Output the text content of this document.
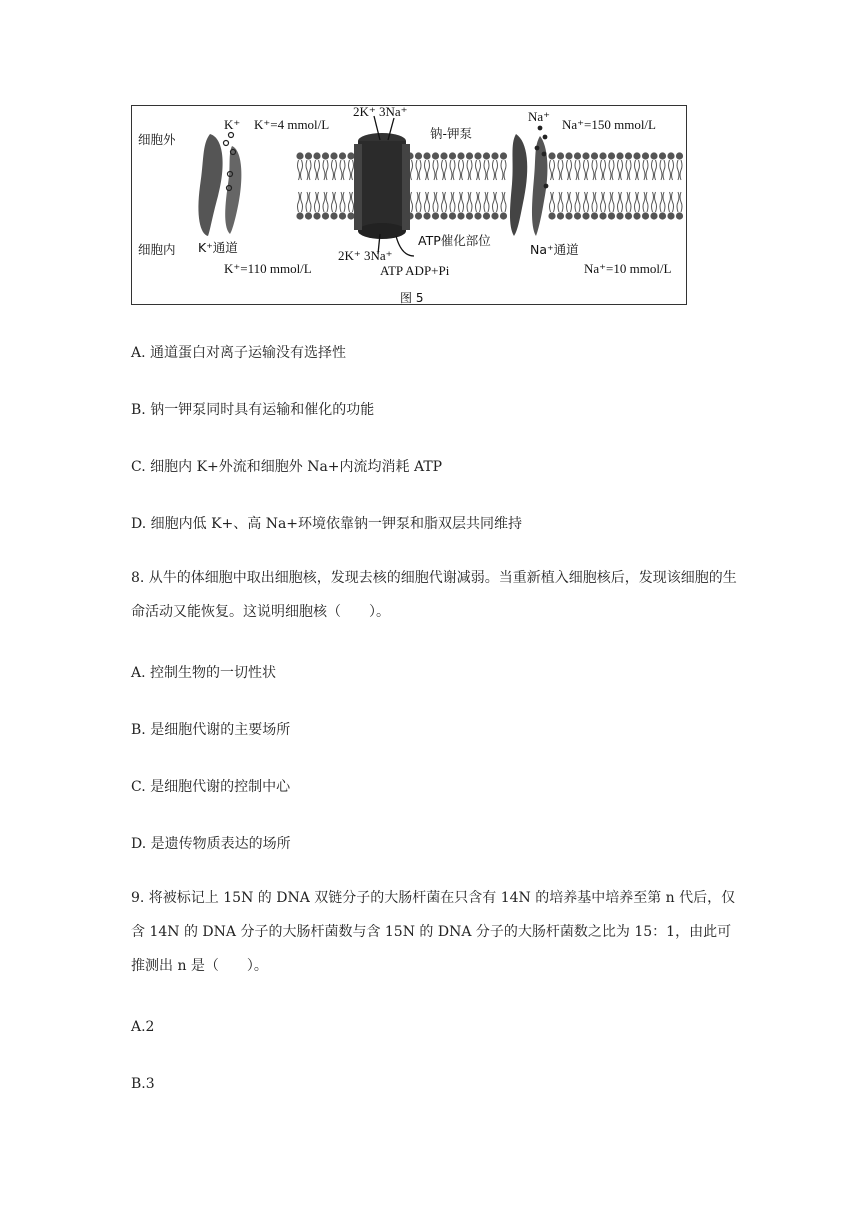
细胞外
细胞内
K⁺ K⁺=4 mmol/L
K⁺通道
K⁺=110 mmol/L
2K⁺ 3Na⁺
钠-钾泵
2K⁺ 3Na⁺
ATP催化部位
ATP ADP+Pi
Na⁺
Na⁺=150 mmol/L
Na⁺通道
Na⁺=10 mmol/L
图 5
A. 通道蛋白对离子运输没有选择性
B. 钠一钾泵同时具有运输和催化的功能
C. 细胞内 K+外流和细胞外 Na+内流均消耗 ATP
D. 细胞内低 K+、高 Na+环境依靠钠一钾泵和脂双层共同维持
8. 从牛的体细胞中取出细胞核，发现去核的细胞代谢减弱。当重新植入细胞核后，发现该细胞的生命活动又能恢复。这说明细胞核（　　）。
A. 控制生物的一切性状
B. 是细胞代谢的主要场所
C. 是细胞代谢的控制中心
D. 是遗传物质表达的场所
9. 将被标记上 15N 的 DNA 双链分子的大肠杆菌在只含有 14N 的培养基中培养至第 n 代后，仅含 14N 的 DNA 分子的大肠杆菌数与含 15N 的 DNA 分子的大肠杆菌数之比为 15：1，由此可推测出 n 是（　　）。
A.2
B.3
